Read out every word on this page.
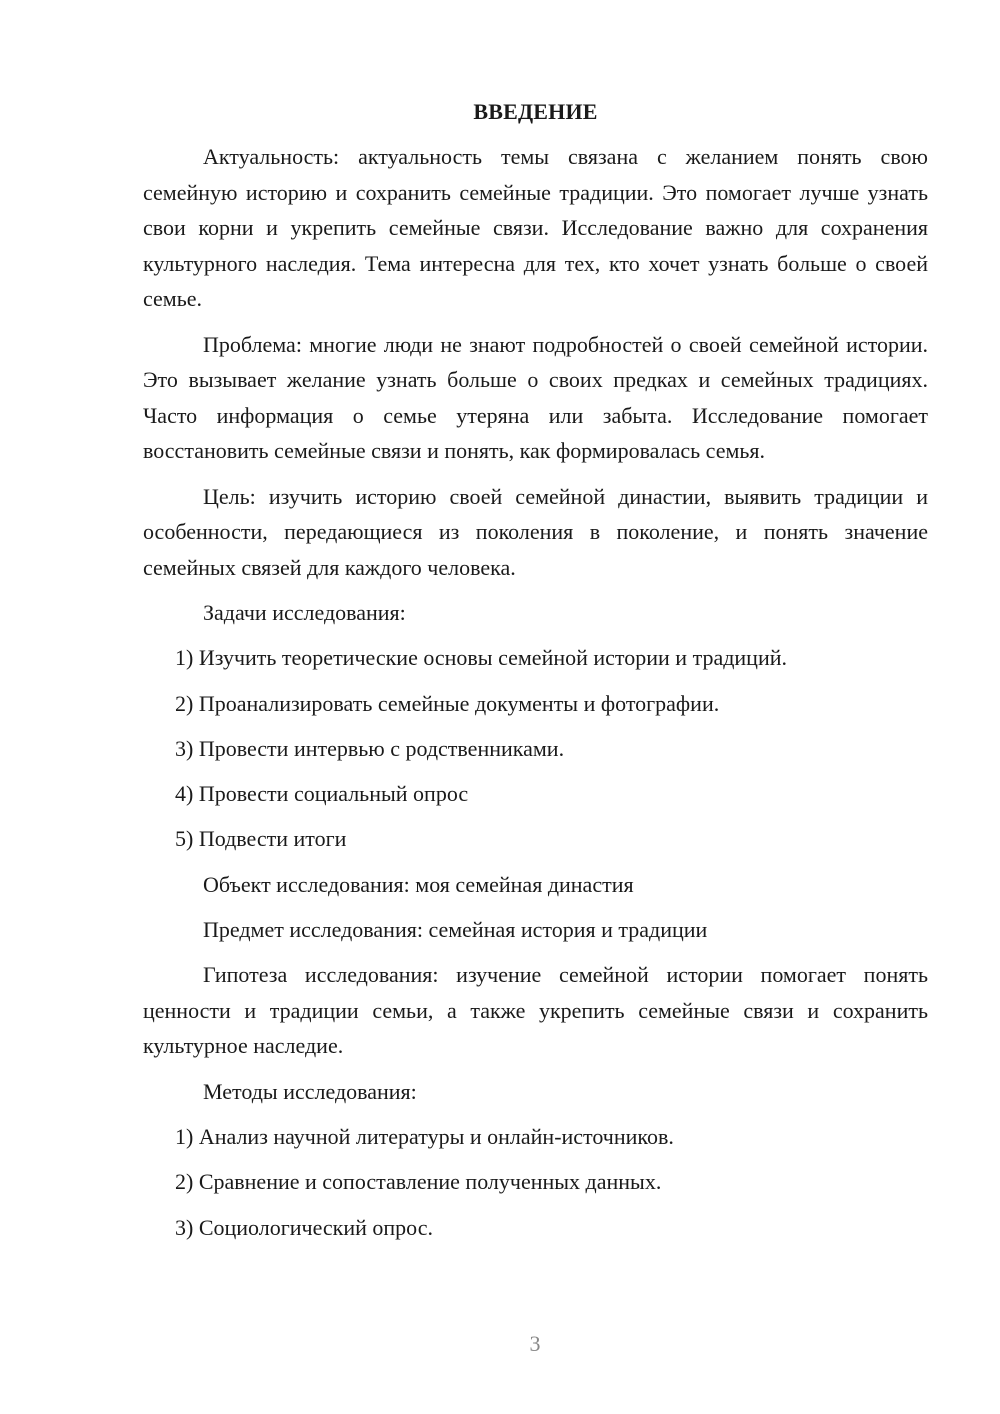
ВВЕДЕНИЕ
Актуальность: актуальность темы связана с желанием понять свою семейную историю и сохранить семейные традиции. Это помогает лучше узнать свои корни и укрепить семейные связи. Исследование важно для сохранения культурного наследия. Тема интересна для тех, кто хочет узнать больше о своей семье.
Проблема: многие люди не знают подробностей о своей семейной истории. Это вызывает желание узнать больше о своих предках и семейных традициях. Часто информация о семье утеряна или забыта. Исследование помогает восстановить семейные связи и понять, как формировалась семья.
Цель: изучить историю своей семейной династии, выявить традиции и особенности, передающиеся из поколения в поколение, и понять значение семейных связей для каждого человека.
Задачи исследования:
1) Изучить теоретические основы семейной истории и традиций.
2) Проанализировать семейные документы и фотографии.
3) Провести интервью с родственниками.
4) Провести социальный опрос
5) Подвести итоги
Объект исследования: моя семейная династия
Предмет исследования: семейная история и традиции
Гипотеза исследования: изучение семейной истории помогает понять ценности и традиции семьи, а также укрепить семейные связи и сохранить культурное наследие.
Методы исследования:
1) Анализ научной литературы и онлайн-источников.
2) Сравнение и сопоставление полученных данных.
3) Социологический опрос.
3
